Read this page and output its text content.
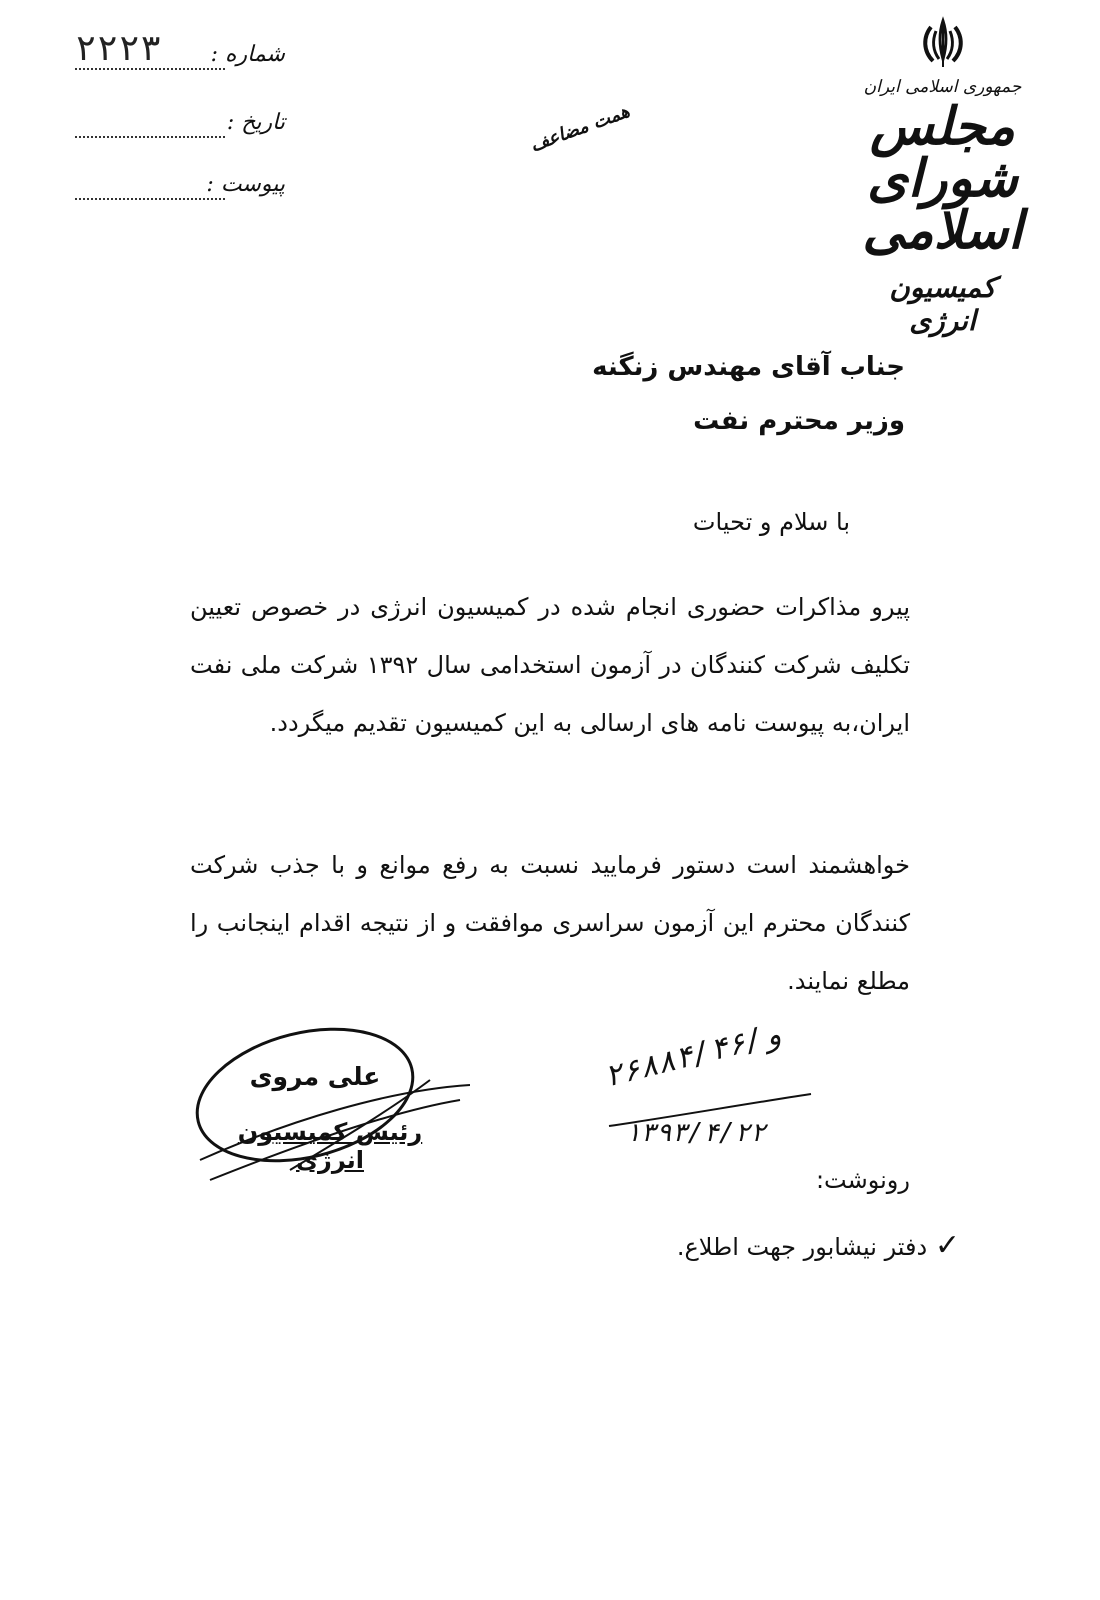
شماره :
۲۲۲۳
تاریخ :
پیوست :
همت مضاعف
جمهوری اسلامی ایران
مجلس شورای اسلامی
کمیسیون انرژی
جناب آقای مهندس زنگنه
وزیر محترم نفت
با سلام و تحیات
پیرو مذاکرات حضوری انجام شده در کمیسیون انرژی در خصوص تعیین تکلیف شرکت کنندگان در آزمون استخدامی سال ۱۳۹۲ شرکت ملی نفت ایران،به پیوست نامه های ارسالی به این کمیسیون تقدیم میگردد.
خواهشمند است دستور فرمایید نسبت به رفع موانع و با جذب شرکت کنندگان محترم این آزمون سراسری موافقت و از نتیجه اقدام اینجانب را مطلع نمایند.
علی مروی
رئیس کمیسیون انرژی
۲۶۸۸۴/۴۶/و
۱۳۹۳/۴/۲۲
رونوشت:
✓ دفتر نیشابور جهت اطلاع.
